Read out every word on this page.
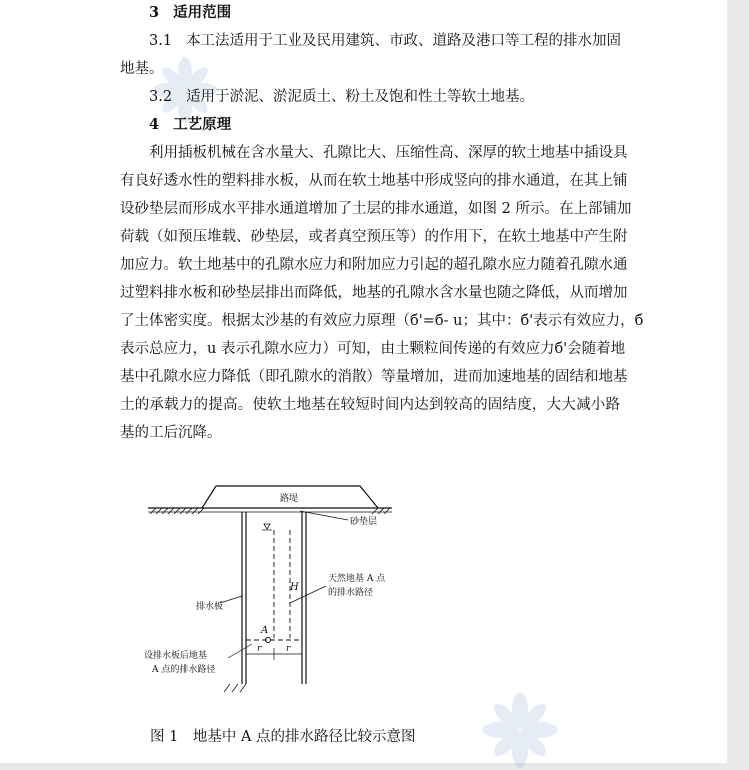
3 适用范围
3.1 本工法适用于工业及民用建筑、市政、道路及港口等工程的排水加固
地基。
3.2 适用于淤泥、淤泥质土、粉土及饱和性土等软土地基。
4 工艺原理
利用插板机械在含水量大、孔隙比大、压缩性高、深厚的软土地基中插设具
有良好透水性的塑料排水板，从而在软土地基中形成竖向的排水通道，在其上铺
设砂垫层而形成水平排水通道增加了土层的排水通道，如图 2 所示。在上部铺加
荷载（如预压堆载、砂垫层，或者真空预压等）的作用下，在软土地基中产生附
加应力。软土地基中的孔隙水应力和附加应力引起的超孔隙水应力随着孔隙水通
过塑料排水板和砂垫层排出而降低，地基的孔隙水含水量也随之降低，从而增加
了土体密实度。根据太沙基的有效应力原理（б'=б- u；其中：б'表示有效应力，б
表示总应力，u 表示孔隙水应力）可知，由土颗粒间传递的有效应力б'会随着地
基中孔隙水应力降低（即孔隙水的消散）等量增加，进而加速地基的固结和地基
土的承载力的提高。使软土地基在较短时间内达到较高的固结度，大大减小路
基的工后沉降。
路堤
砂垫层
H
A
r	r
排水板
天然地基 A 点
的排水路径
设排水板后地基
A 点的排水路径
图 1　地基中 A 点的排水路径比较示意图
